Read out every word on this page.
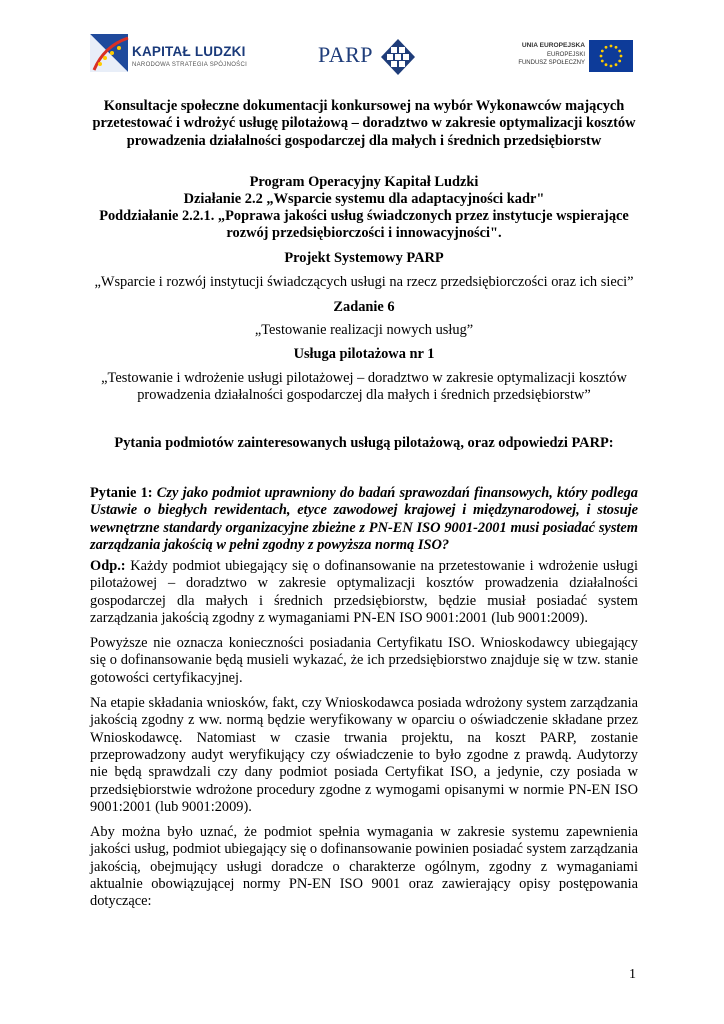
KAPITAŁ LUDZKI
NARODOWA STRATEGIA SPÓJNOŚCI	PARP	UNIA EUROPEJSKA
EUROPEJSKI
FUNDUSZ SPOŁECZNY
Konsultacje społeczne dokumentacji konkursowej na wybór Wykonawców mających przetestować i wdrożyć usługę pilotażową – doradztwo w zakresie optymalizacji kosztów prowadzenia działalności gospodarczej dla małych i średnich przedsiębiorstw
Program Operacyjny Kapitał Ludzki
Działanie 2.2 „Wsparcie systemu dla adaptacyjności kadr"
Poddziałanie 2.2.1. „Poprawa jakości usług świadczonych przez instytucje wspierające rozwój przedsiębiorczości i innowacyjności".
Projekt Systemowy PARP
„Wsparcie i rozwój instytucji świadczących usługi na rzecz przedsiębiorczości oraz ich sieci”
Zadanie 6
„Testowanie realizacji nowych usług”
Usługa pilotażowa nr 1
„Testowanie i wdrożenie usługi pilotażowej – doradztwo w zakresie optymalizacji kosztów prowadzenia działalności gospodarczej dla małych i średnich przedsiębiorstw”
Pytania podmiotów zainteresowanych usługą pilotażową, oraz odpowiedzi PARP:
Pytanie 1: Czy jako podmiot uprawniony do badań sprawozdań finansowych, który podlega Ustawie o biegłych rewidentach, etyce zawodowej krajowej i międzynarodowej, i stosuje wewnętrzne standardy organizacyjne zbieżne z PN-EN ISO 9001-2001 musi posiadać system zarządzania jakością w pełni zgodny z powyższa normą ISO?

Odp.: Każdy podmiot ubiegający się o dofinansowanie na przetestowanie i wdrożenie usługi pilotażowej – doradztwo w zakresie optymalizacji kosztów prowadzenia działalności gospodarczej dla małych i średnich przedsiębiorstw, będzie musiał posiadać system zarządzania jakością zgodny z wymaganiami PN-EN ISO 9001:2001 (lub 9001:2009).

Powyższe nie oznacza konieczności posiadania Certyfikatu ISO. Wnioskodawcy ubiegający się o dofinansowanie będą musieli wykazać, że ich przedsiębiorstwo znajduje się w tzw. stanie gotowości certyfikacyjnej.

Na etapie składania wniosków, fakt, czy Wnioskodawca posiada wdrożony system zarządzania jakością zgodny z ww. normą będzie weryfikowany w oparciu o oświadczenie składane przez Wnioskodawcę. Natomiast w czasie trwania projektu, na koszt PARP, zostanie przeprowadzony audyt weryfikujący czy oświadczenie to było zgodne z prawdą. Audytorzy nie będą sprawdzali czy dany podmiot posiada Certyfikat ISO, a jedynie, czy posiada w przedsiębiorstwie wdrożone procedury zgodne z wymogami opisanymi w normie PN-EN ISO 9001:2001 (lub 9001:2009).

Aby można było uznać, że podmiot spełnia wymagania w zakresie systemu zapewnienia jakości usług, podmiot ubiegający się o dofinansowanie powinien posiadać system zarządzania jakością, obejmujący usługi doradcze o charakterze ogólnym, zgodny z wymaganiami aktualnie obowiązującej normy PN-EN ISO 9001 oraz zawierający opisy postępowania dotyczące:

1
